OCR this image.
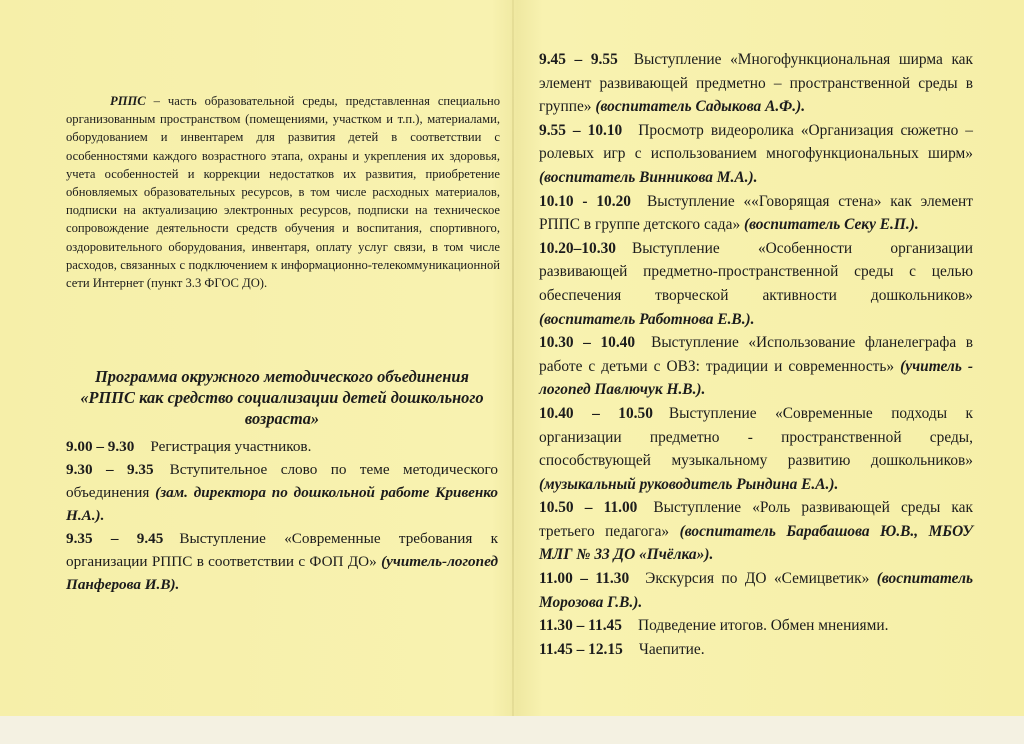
РППС – часть образовательной среды, представленная специально организованным пространством (помещениями, участком и т.п.), материалами, оборудованием и инвентарем для развития детей в соответствии с особенностями каждого возрастного этапа, охраны и укрепления их здоровья, учета особенностей и коррекции недостатков их развития, приобретение обновляемых образовательных ресурсов, в том числе расходных материалов, подписки на актуализацию электронных ресурсов, подписки на техническое сопровождение деятельности средств обучения и воспитания, спортивного, оздоровительного оборудования, инвентаря, оплату услуг связи, в том числе расходов, связанных с подключением к информационно-телекоммуникационной сети Интернет (пункт 3.3 ФГОС ДО).

Программа окружного методического объединения «РППС как средство социализации детей дошкольного возраста»

9.00 – 9.30 Регистрация участников.

9.30 – 9.35 Вступительное слово по теме методического объединения (зам. директора по дошкольной работе Кривенко Н.А.).

9.35 – 9.45 Выступление «Современные требования к организации РППС в соответствии с ФОП ДО» (учитель-логопед Панферова И.В).

9.45 – 9.55 Выступление «Многофункциональная ширма как элемент развивающей предметно – пространственной среды в группе» (воспитатель Садыкова А.Ф.).

9.55 – 10.10 Просмотр видеоролика «Организация сюжетно – ролевых игр с использованием многофункциональных ширм» (воспитатель Винникова М.А.).

10.10 - 10.20 Выступление ««Говорящая стена» как элемент РППС в группе детского сада» (воспитатель Секу Е.П.).

10.20–10.30 Выступление «Особенности организации развивающей предметно-пространственной среды с целью обеспечения творческой активности дошкольников» (воспитатель Работнова Е.В.).

10.30 – 10.40 Выступление «Использование фланелеграфа в работе с детьми с ОВЗ: традиции и современность» (учитель - логопед Павлючук Н.В.).

10.40 – 10.50 Выступление «Современные подходы к организации предметно - пространственной среды, способствующей музыкальному развитию дошкольников» (музыкальный руководитель Рындина Е.А.).

10.50 – 11.00 Выступление «Роль развивающей среды как третьего педагога» (воспитатель Барабашова Ю.В., МБОУ МЛГ № 33 ДО «Пчёлка»).

11.00 – 11.30 Экскурсия по ДО «Семицветик» (воспитатель Морозова Г.В.).

11.30 – 11.45 Подведение итогов. Обмен мнениями.

11.45 – 12.15 Чаепитие.
